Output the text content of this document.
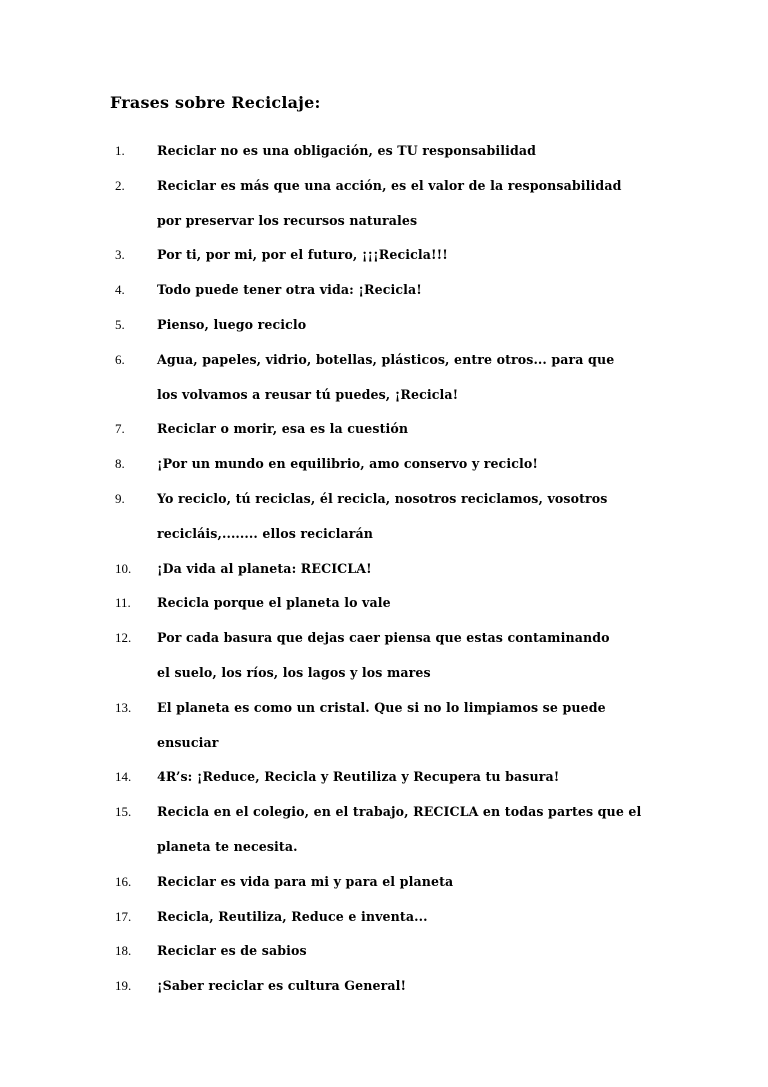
Frases sobre Reciclaje:
1.	Reciclar no es una obligación, es TU responsabilidad
2.	Reciclar es más que una acción, es el valor de la responsabilidad
por preservar los recursos naturales
3.	Por ti, por mi, por el futuro, ¡¡¡Recicla!!!
4.	Todo puede tener otra vida: ¡Recicla!
5.	Pienso, luego reciclo
6.	Agua, papeles, vidrio, botellas, plásticos, entre otros... para que
los volvamos a reusar tú puedes, ¡Recicla!
7.	Reciclar o morir, esa es la cuestión
8.	¡Por un mundo en equilibrio, amo conservo y reciclo!
9.	Yo reciclo, tú reciclas, él recicla, nosotros reciclamos, vosotros
recicláis,........ ellos reciclarán
10. ¡Da vida al planeta: RECICLA!
11. Recicla porque el planeta lo vale
12. Por cada basura que dejas caer piensa que estas contaminando
el suelo, los ríos, los lagos y los mares
13. El planeta es como un cristal. Que si no lo limpiamos se puede
ensuciar
14. 4R’s: ¡Reduce, Recicla y Reutiliza y Recupera tu basura!
15. Recicla en el colegio, en el trabajo, RECICLA en todas partes que el
planeta te necesita.
16. Reciclar es vida para mi y para el planeta
17. Recicla, Reutiliza, Reduce e inventa...
18. Reciclar es de sabios
19. ¡Saber reciclar es cultura General!
